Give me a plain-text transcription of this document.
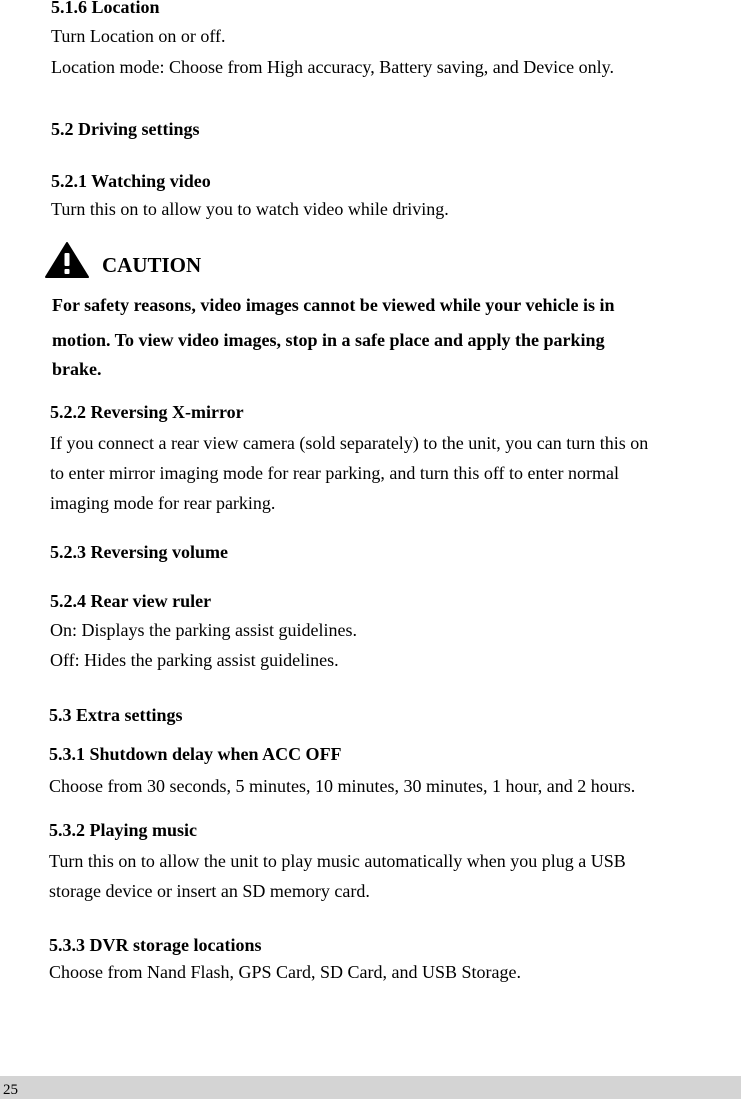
5.1.6 Location
Turn Location on or off.
Location mode: Choose from High accuracy, Battery saving, and Device only.
5.2 Driving settings
5.2.1 Watching video
Turn this on to allow you to watch video while driving.
CAUTION
For safety reasons, video images cannot be viewed while your vehicle is in
motion. To view video images, stop in a safe place and apply the parking
brake.
5.2.2 Reversing X-mirror
If you connect a rear view camera (sold separately) to the unit, you can turn this on
to enter mirror imaging mode for rear parking, and turn this off to enter normal
imaging mode for rear parking.
5.2.3 Reversing volume
5.2.4 Rear view ruler
On: Displays the parking assist guidelines.
Off: Hides the parking assist guidelines.
5.3 Extra settings
5.3.1 Shutdown delay when ACC OFF
Choose from 30 seconds, 5 minutes, 10 minutes, 30 minutes, 1 hour, and 2 hours.
5.3.2 Playing music
Turn this on to allow the unit to play music automatically when you plug a USB
storage device or insert an SD memory card.
5.3.3 DVR storage locations
Choose from Nand Flash, GPS Card, SD Card, and USB Storage.
25
